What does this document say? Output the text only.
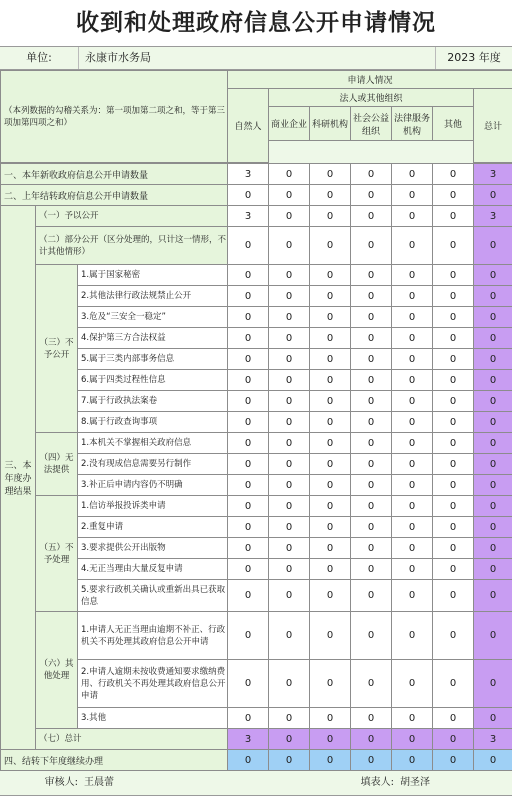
收到和处理政府信息公开申请情况
单位:	永康市水务局	2023 年度
（本列数据的勾稽关系为：第一项加第二项之和，等于第三项加第四项之和）	申请人情况						
	自然人	法人或其他组织					总计
		商业企业	科研机构	社会公益组织	法律服务机构	其他	

一、本年新收政府信息公开申请数量			3	0	0	0	0	0	3
二、上年结转政府信息公开申请数量			0	0	0	0	0	0	0
三、本年度办理结果	（一）予以公开		3	0	0	0	0	0	3
	（二）部分公开（区分处理的，只计这一情形，不计其他情形）		0	0	0	0	0	0	0
	（三）不予公开	1.属于国家秘密	0	0	0	0	0	0	0
		2.其他法律行政法规禁止公开	0	0	0	0	0	0	0
		3.危及“三安全一稳定”	0	0	0	0	0	0	0
		4.保护第三方合法权益	0	0	0	0	0	0	0
		5.属于三类内部事务信息	0	0	0	0	0	0	0
		6.属于四类过程性信息	0	0	0	0	0	0	0
		7.属于行政执法案卷	0	0	0	0	0	0	0
		8.属于行政查询事项	0	0	0	0	0	0	0
	（四）无法提供	1.本机关不掌握相关政府信息	0	0	0	0	0	0	0
		2.没有现成信息需要另行制作	0	0	0	0	0	0	0
		3.补正后申请内容仍不明确	0	0	0	0	0	0	0
	（五）不予处理	1.信访举报投诉类申请	0	0	0	0	0	0	0
		2.重复申请	0	0	0	0	0	0	0
		3.要求提供公开出版物	0	0	0	0	0	0	0
		4.无正当理由大量反复申请	0	0	0	0	0	0	0
		5.要求行政机关确认或重新出具已获取信息	0	0	0	0	0	0	0
	（六）其他处理	1.申请人无正当理由逾期不补正、行政机关不再处理其政府信息公开申请	0	0	0	0	0	0	0
		2.申请人逾期未按收费通知要求缴纳费用、行政机关不再处理其政府信息公开申请	0	0	0	0	0	0	0
		3.其他	0	0	0	0	0	0	0
	（七）总计		3	0	0	0	0	0	3
四、结转下年度继续办理			0	0	0	0	0	0	0
审核人: 王晨蕾	填表人: 胡圣泽
